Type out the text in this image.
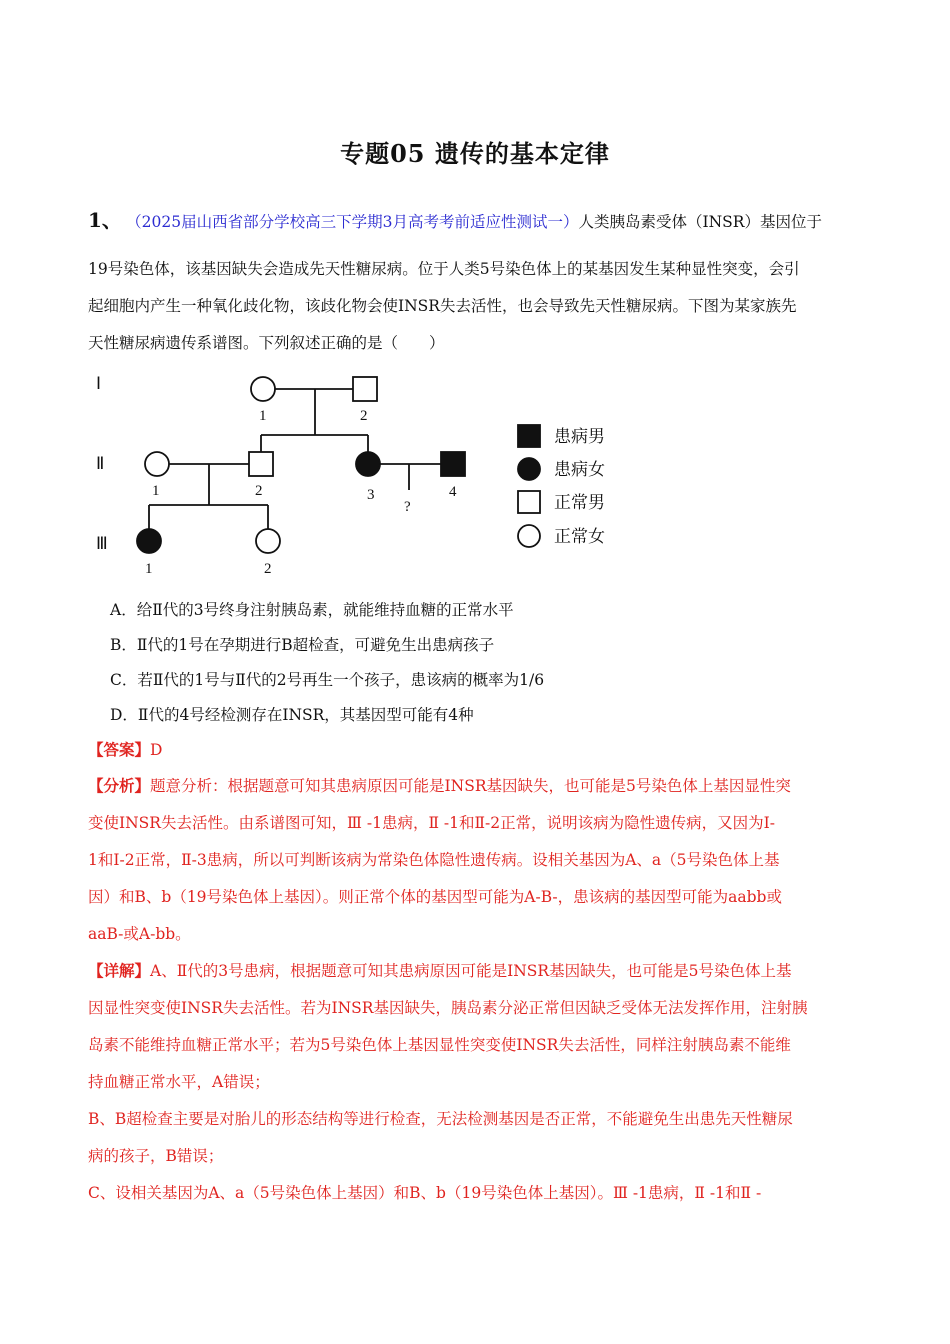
专题05 遗传的基本定律
1、 （2025届山西省部分学校高三下学期3月高考考前适应性测试一）人类胰岛素受体（INSR）基因位于
19号染色体，该基因缺失会造成先天性糖尿病。位于人类5号染色体上的某基因发生某种显性突变，会引
起细胞内产生一种氧化歧化物，该歧化物会使INSR失去活性，也会导致先天性糖尿病。下图为某家族先
天性糖尿病遗传系谱图。下列叙述正确的是（　　）
Ⅰ
Ⅱ
Ⅲ
1	2
1	2	3	4
?
1	2
患病男
患病女
正常男
正常女
A．给Ⅱ代的3号终身注射胰岛素，就能维持血糖的正常水平
B．Ⅱ代的1号在孕期进行B超检查，可避免生出患病孩子
C．若Ⅱ代的1号与Ⅱ代的2号再生一个孩子，患该病的概率为1/6
D．Ⅱ代的4号经检测存在INSR，其基因型可能有4种
【答案】D
【分析】题意分析：根据题意可知其患病原因可能是INSR基因缺失，也可能是5号染色体上基因显性突
变使INSR失去活性。由系谱图可知，Ⅲ -1患病，Ⅱ -1和Ⅱ-2正常，说明该病为隐性遗传病，又因为Ⅰ-
1和Ⅰ-2正常，Ⅱ-3患病，所以可判断该病为常染色体隐性遗传病。设相关基因为A、a（5号染色体上基
因）和B、b（19号染色体上基因）。则正常个体的基因型可能为A-B-，患该病的基因型可能为aabb或
aaB-或A-bb。
【详解】A、Ⅱ代的3号患病，根据题意可知其患病原因可能是INSR基因缺失，也可能是5号染色体上基
因显性突变使INSR失去活性。若为INSR基因缺失，胰岛素分泌正常但因缺乏受体无法发挥作用，注射胰
岛素不能维持血糖正常水平；若为5号染色体上基因显性突变使INSR失去活性，同样注射胰岛素不能维
持血糖正常水平，A错误；
B、B超检查主要是对胎儿的形态结构等进行检查，无法检测基因是否正常，不能避免生出患先天性糖尿
病的孩子，B错误；
C、设相关基因为A、a（5号染色体上基因）和B、b（19号染色体上基因）。Ⅲ -1患病，Ⅱ -1和Ⅱ -
